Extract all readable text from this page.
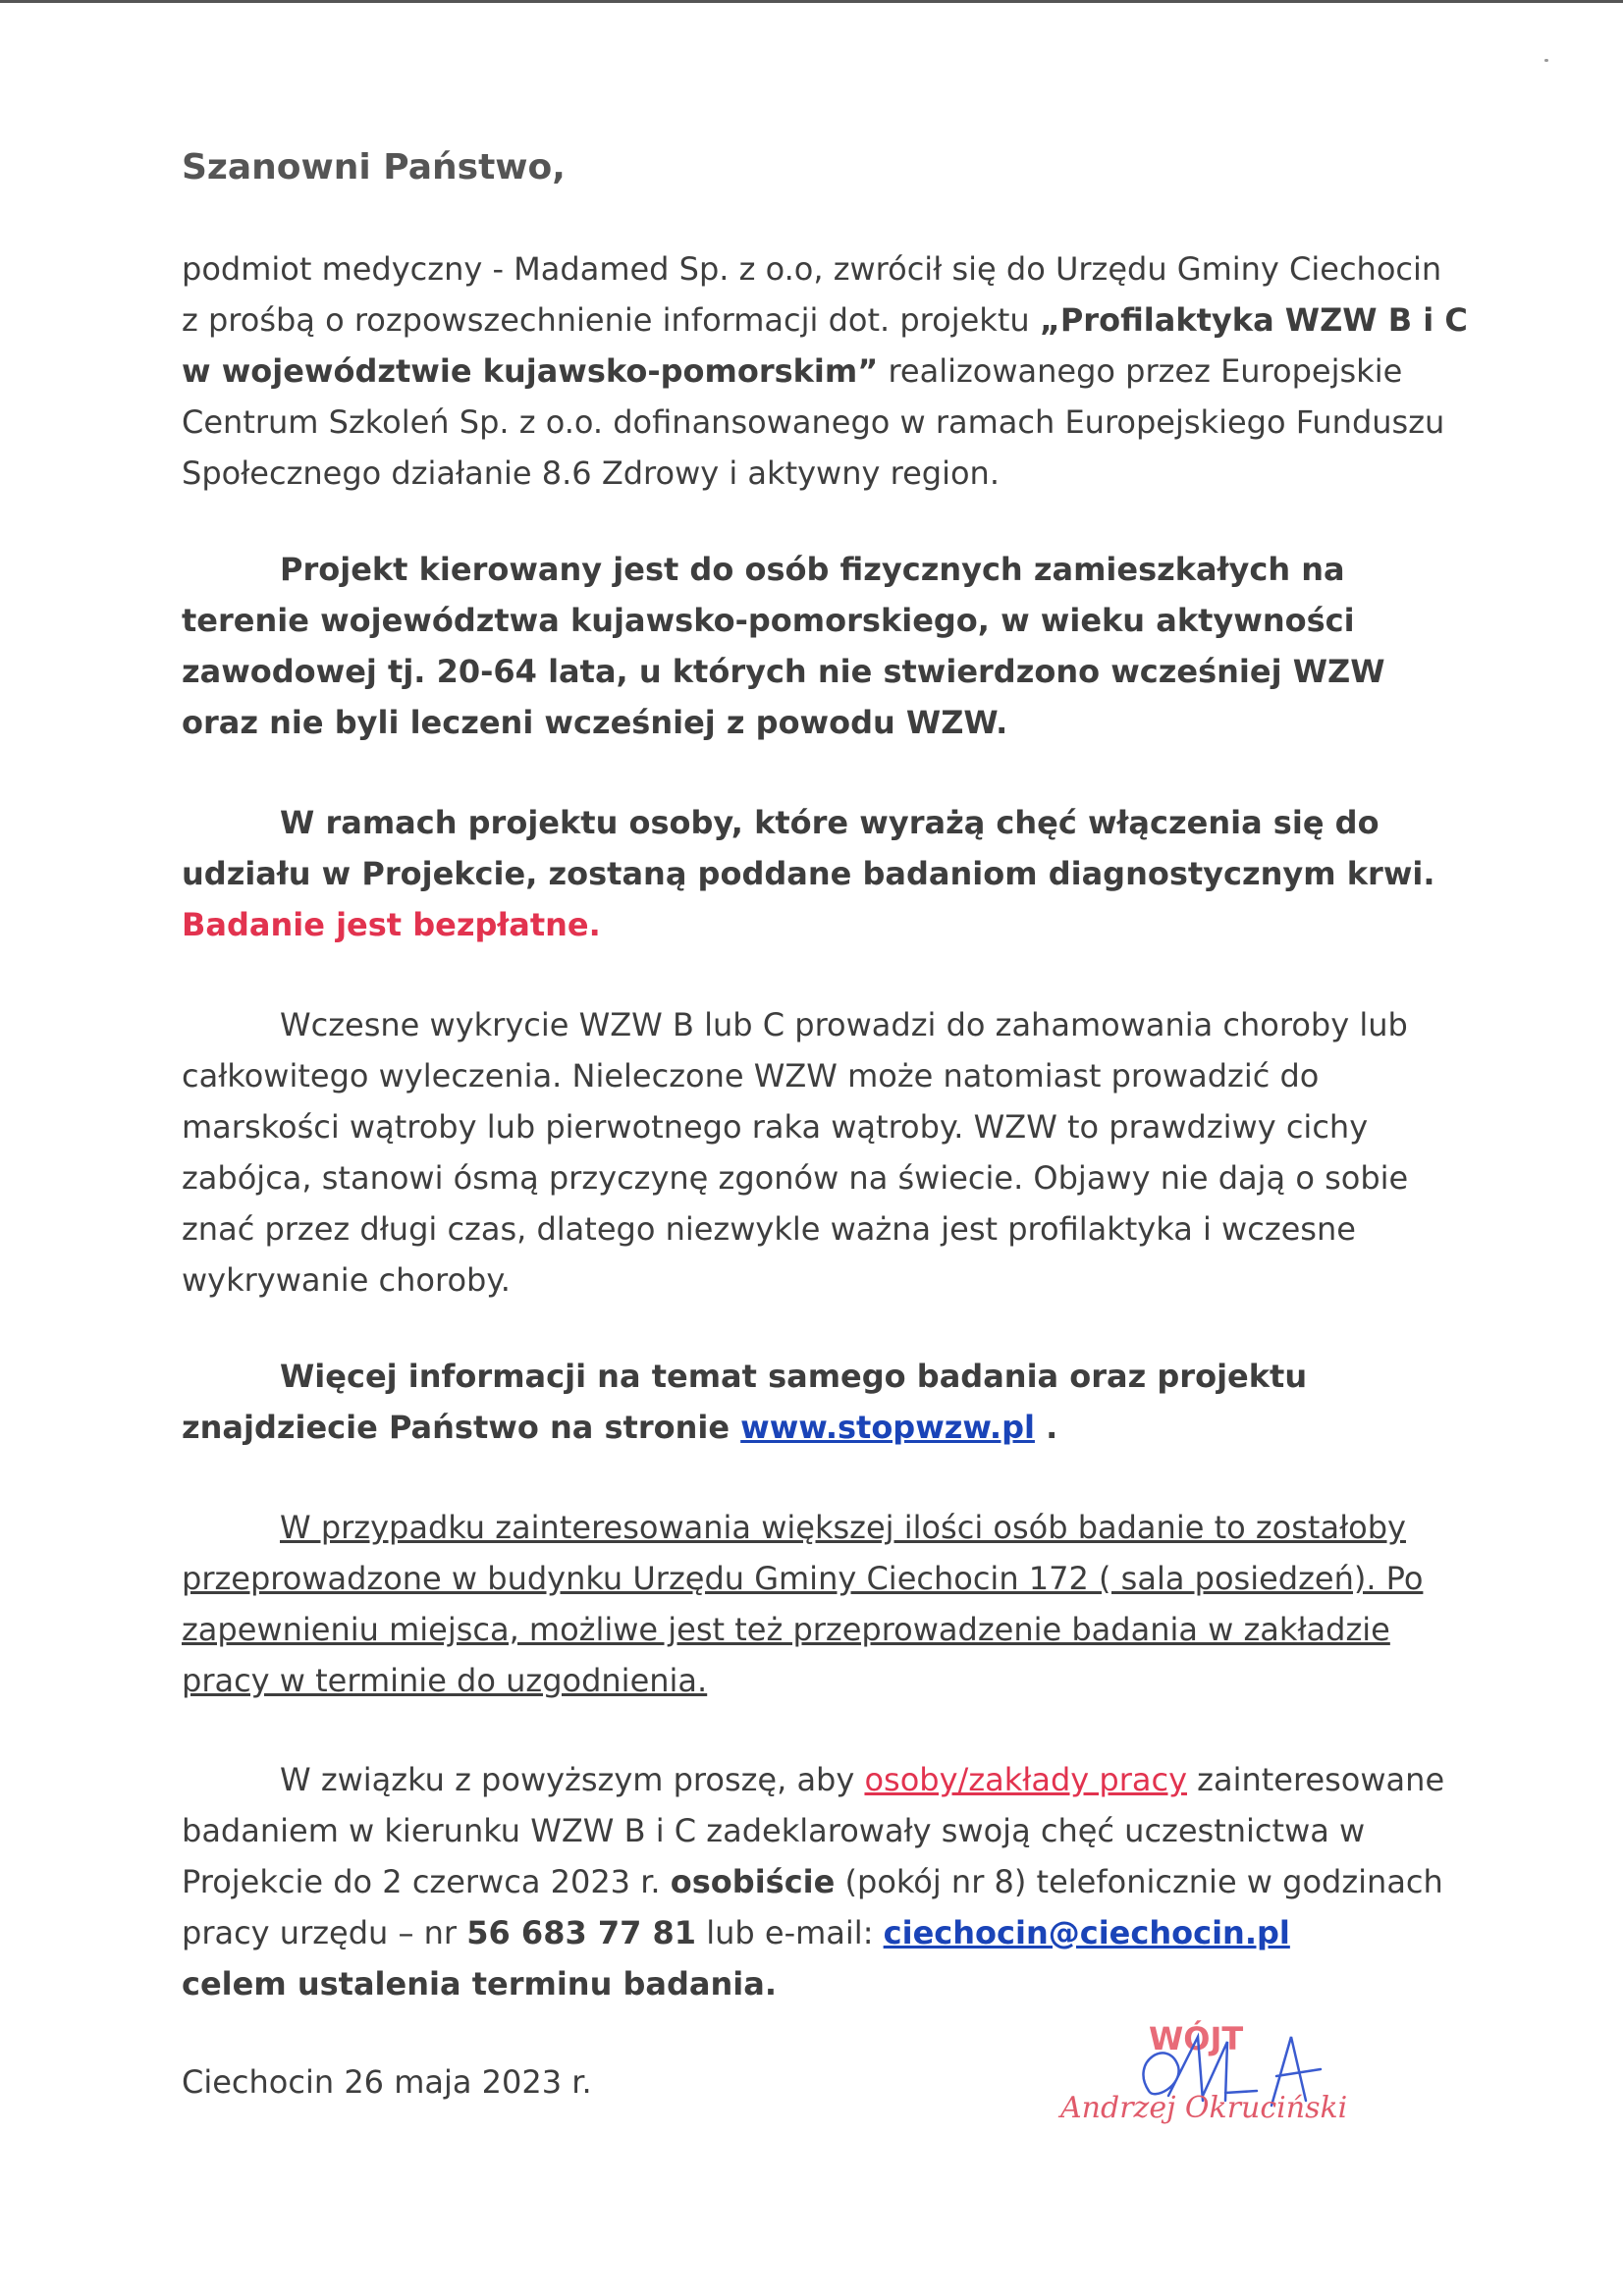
Szanowni Państwo,

podmiot medyczny - Madamed Sp. z o.o, zwrócił się do Urzędu Gminy Ciechocin z prośbą o rozpowszechnienie informacji dot. projektu „Profilaktyka WZW B i C w województwie kujawsko-pomorskim” realizowanego przez Europejskie Centrum Szkoleń Sp. z o.o. dofinansowanego w ramach Europejskiego Funduszu Społecznego działanie 8.6 Zdrowy i aktywny region.

Projekt kierowany jest do osób fizycznych zamieszkałych na terenie województwa kujawsko-pomorskiego, w wieku aktywności zawodowej tj. 20-64 lata, u których nie stwierdzono wcześniej WZW oraz nie byli leczeni wcześniej z powodu WZW.

W ramach projektu osoby, które wyrażą chęć włączenia się do udziału w Projekcie, zostaną poddane badaniom diagnostycznym krwi. Badanie jest bezpłatne.

Wczesne wykrycie WZW B lub C prowadzi do zahamowania choroby lub całkowitego wyleczenia. Nieleczone WZW może natomiast prowadzić do marskości wątroby lub pierwotnego raka wątroby. WZW to prawdziwy cichy zabójca, stanowi ósmą przyczynę zgonów na świecie. Objawy nie dają o sobie znać przez długi czas, dlatego niezwykle ważna jest profilaktyka i wczesne wykrywanie choroby.

Więcej informacji na temat samego badania oraz projektu znajdziecie Państwo na stronie www.stopwzw.pl .

W przypadku zainteresowania większej ilości osób badanie to zostałoby przeprowadzone w budynku Urzędu Gminy Ciechocin 172 ( sala posiedzeń). Po zapewnieniu miejsca, możliwe jest też przeprowadzenie badania w zakładzie pracy w terminie do uzgodnienia.

W związku z powyższym proszę, aby osoby/zakłady pracy zainteresowane badaniem w kierunku WZW B i C zadeklarowały swoją chęć uczestnictwa w Projekcie do 2 czerwca 2023 r. osobiście (pokój nr 8) telefonicznie w godzinach pracy urzędu – nr 56 683 77 81 lub e-mail: ciechocin@ciechocin.pl
celem ustalenia terminu badania.

Ciechocin 26 maja 2023 r.
WÓJT
Andrzej Okruciński
